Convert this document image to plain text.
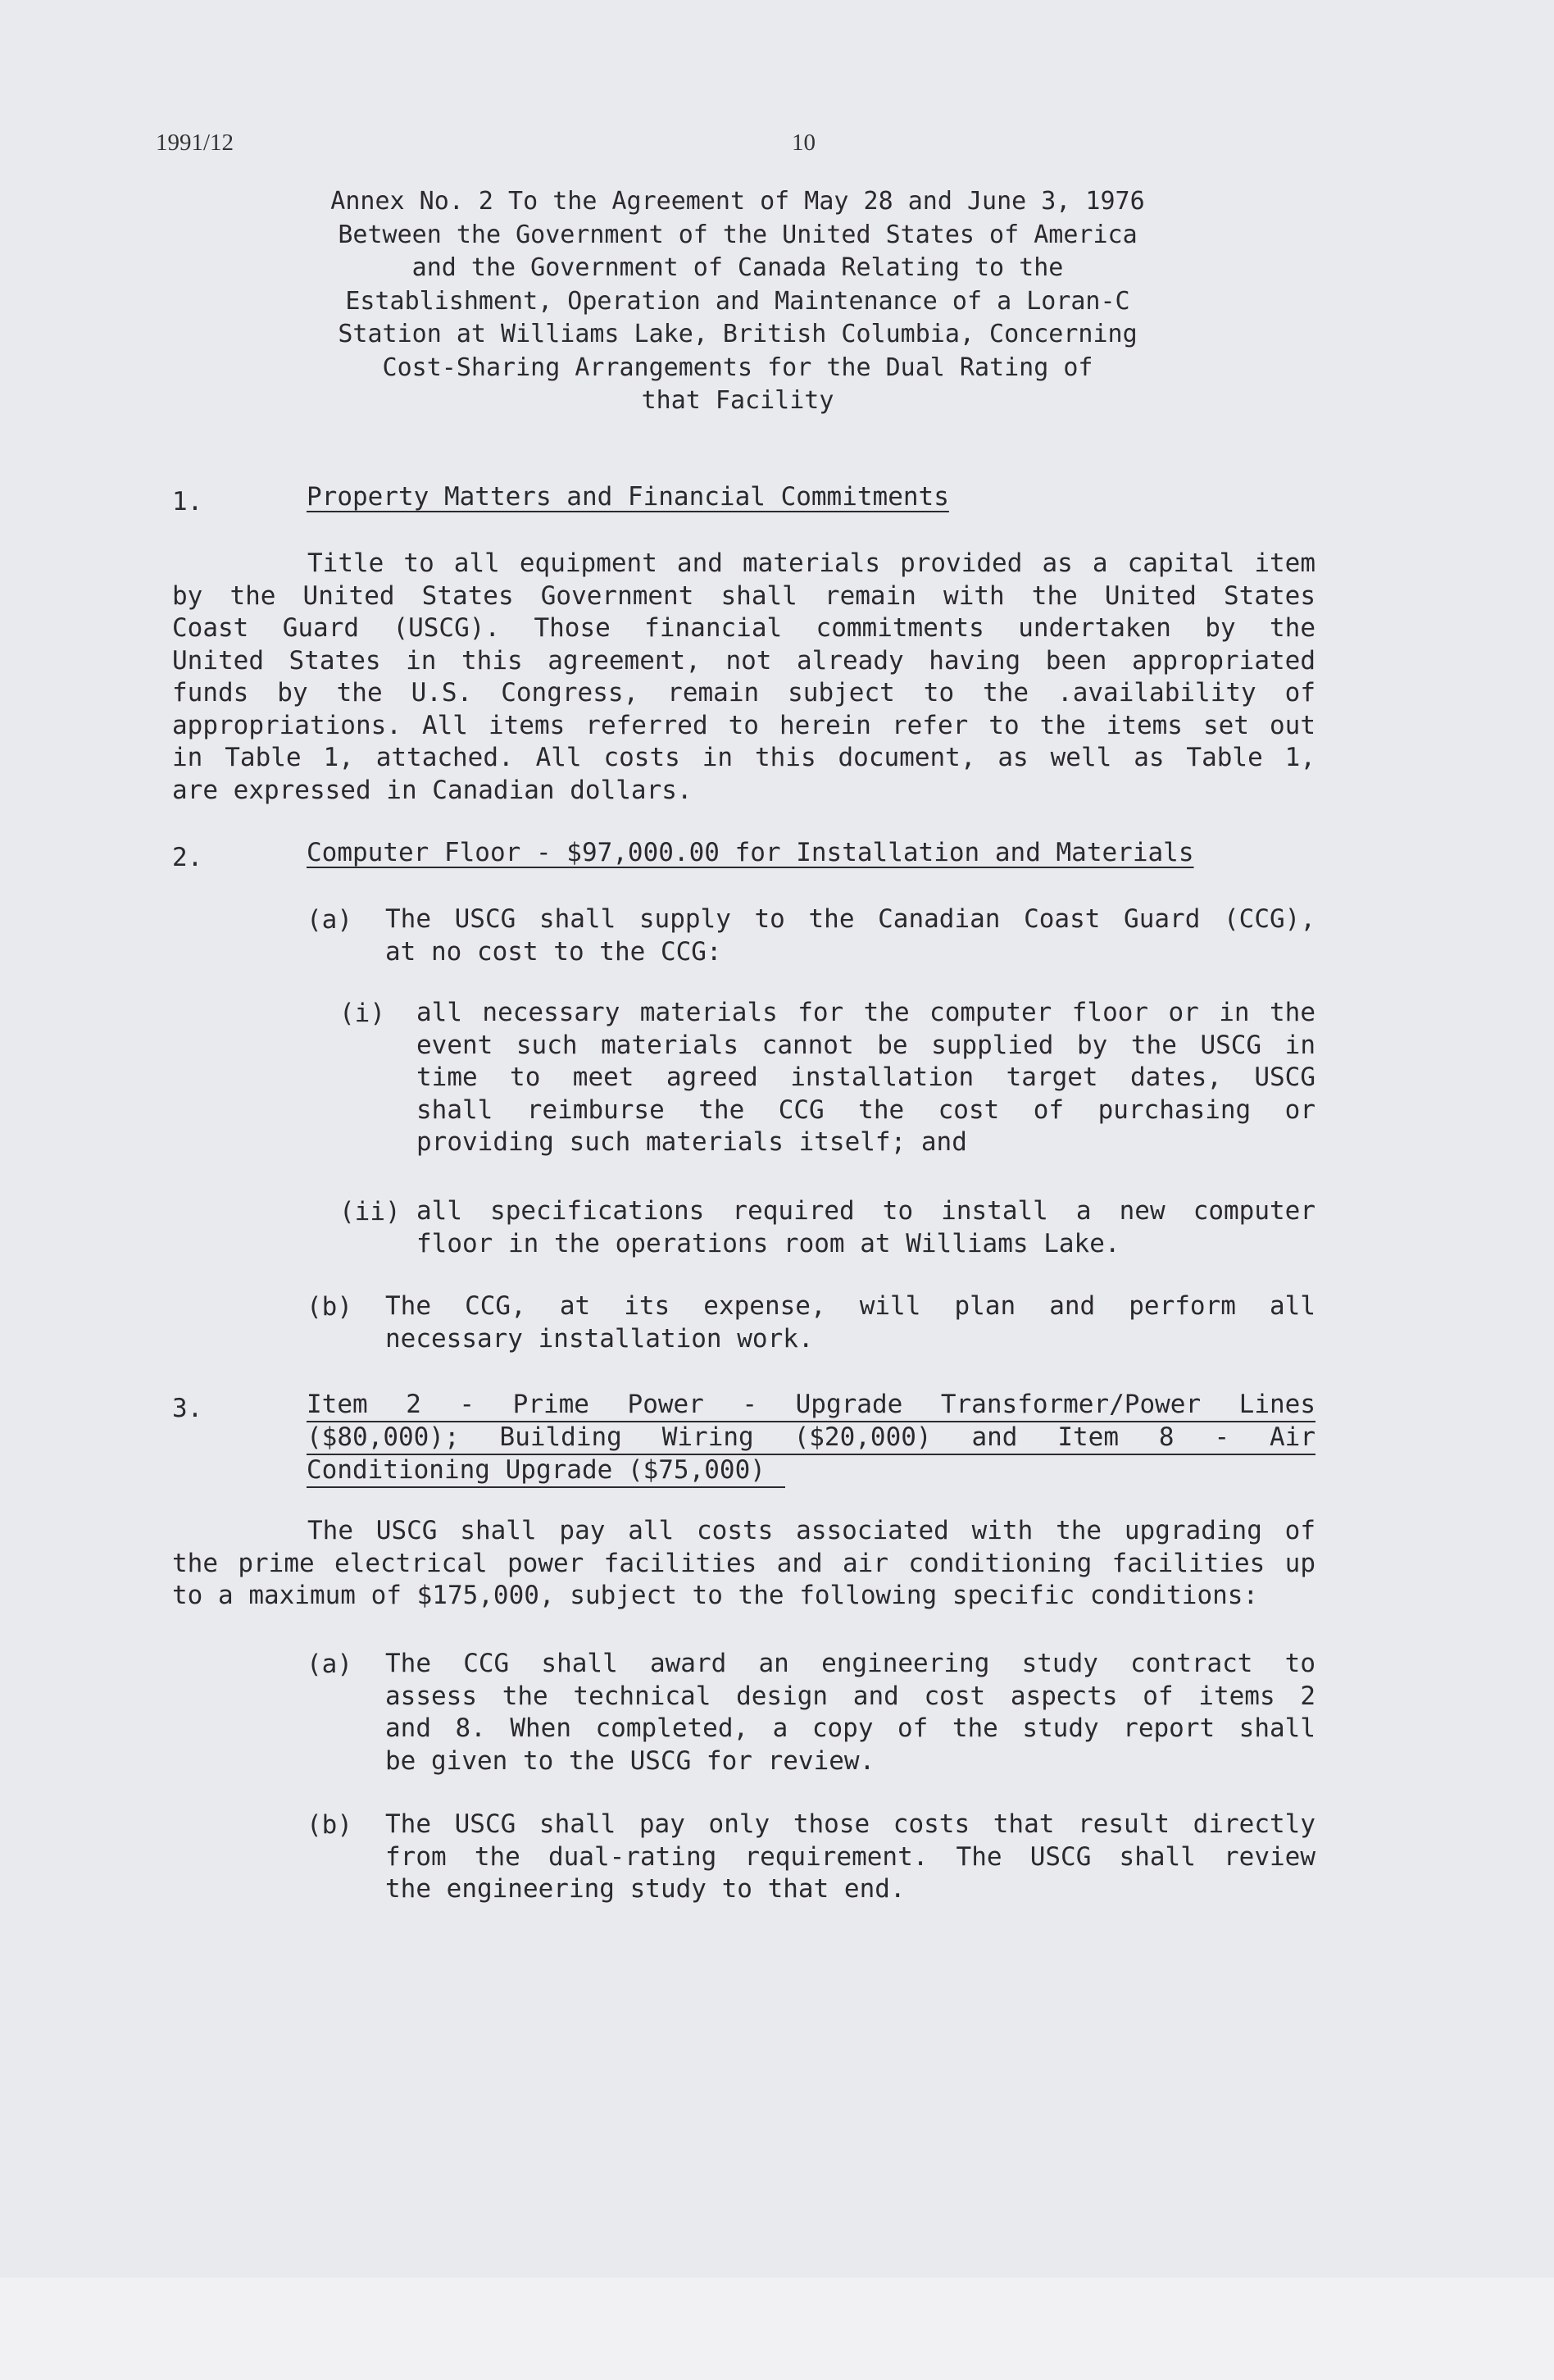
1991/12	10
Annex No. 2 To the Agreement of May 28 and June 3, 1976
Between the Government of the United States of America
and the Government of Canada Relating to the
Establishment, Operation and Maintenance of a Loran-C
Station at Williams Lake, British Columbia, Concerning
Cost-Sharing Arrangements for the Dual Rating of
that Facility
1.	Property Matters and Financial Commitments
Title to all equipment and materials provided as a capital item
by the United States Government shall remain with the United States
Coast Guard (USCG). Those financial commitments undertaken by the
United States in this agreement, not already having been appropriated
funds by the U.S. Congress, remain subject to the .availability of
appropriations. All items referred to herein refer to the items set out
in Table 1, attached. All costs in this document, as well as Table 1,
are expressed in Canadian dollars.
2.	Computer Floor - $97,000.00 for Installation and Materials
(a) The USCG shall supply to the Canadian Coast Guard (CCG),
at no cost to the CCG:
(i) all necessary materials for the computer floor or in the
event such materials cannot be supplied by the USCG in
time to meet agreed installation target dates, USCG
shall reimburse the CCG the cost of purchasing or
providing such materials itself; and
(ii) all specifications required to install a new computer
floor in the operations room at Williams Lake.
(b) The CCG, at its expense, will plan and perform all
necessary installation work.
3.	Item 2 - Prime Power - Upgrade Transformer/Power Lines
($80,000); Building Wiring ($20,000) and Item 8 - Air
Conditioning Upgrade ($75,000)
The USCG shall pay all costs associated with the upgrading of
the prime electrical power facilities and air conditioning facilities up
to a maximum of $175,000, subject to the following specific conditions:
(a) The CCG shall award an engineering study contract to
assess the technical design and cost aspects of items 2
and 8. When completed, a copy of the study report shall
be given to the USCG for review.
(b) The USCG shall pay only those costs that result directly
from the dual-rating requirement. The USCG shall review
the engineering study to that end.
